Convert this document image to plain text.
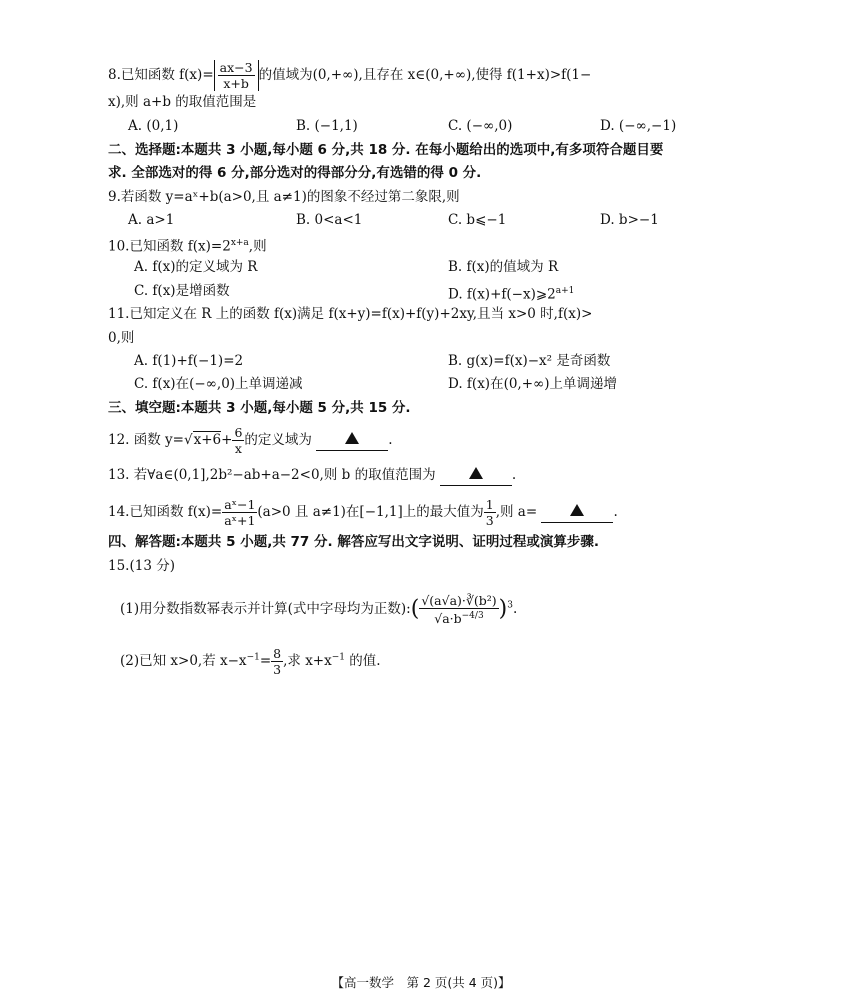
8.已知函数 $f(x)= \frac{ax-3}{x+b}$ 的值域为(0,+∞),且存在 x∈(0,+∞),使得 f(1+x)>f(1−
x),则 a+b 的取值范围是
A. (0,1)	B. (−1,1)	C. (−∞,0)	D. (−∞,−1)
二、选择题:本题共 3 小题,每小题 6 分,共 18 分. 在每小题给出的选项中,有多项符合题目要
求. 全部选对的得 6 分,部分选对的得部分分,有选错的得 0 分.
9.若函数 y=aˣ+b(a>0,且 a≠1)的图象不经过第二象限,则
A. a>1	B. 0<a<1	C. b⩽−1	D. b>−1
10.已知函数 $f(x)=2^{x+a}$,则
A. f(x)的定义域为 R	B. f(x)的值域为 R
C. f(x)是增函数	D. $f(x)+f(-x)⩾2^{a+1}$
11.已知定义在 R 上的函数 f(x)满足 f(x+y)=f(x)+f(y)+2xy,且当 x>0 时,f(x)>
0,则
A. f(1)+f(−1)=2	B. g(x)=f(x)−x² 是奇函数
C. f(x)在(−∞,0)上单调递减	D. f(x)在(0,+∞)上单调递增
三、填空题:本题共 3 小题,每小题 5 分,共 15 分.
12. 函数 $y=√x+6+ \frac{6}{x}$ 的定义域为	.
13. 若∀a∈(0,1],2b²−ab+a−2<0,则 b 的取值范围为	.
14.已知函数 $f(x)= \frac{\text{aˣ−1}}{\text{aˣ+1}} (a>0$ 且 a≠1)在[−1,1]上的最大值为 $\frac{1}{3}$ ,则 a=	.
四、解答题:本题共 5 小题,共 77 分. 解答应写出文字说明、证明过程或演算步骤.
15.(13 分)
(1)用分数指数幂表示并计算(式中字母均为正数):( $\frac{\text{√(a√a)·∛(b²)}}{√a\cdot b^{-4/3}} )^3$.
(2)已知 x>0,若 $x-x^{-1}= \frac{8}{3}$ ,求 $x+x^{-1}$ 的值.
【高一数学　第 2 页(共 4 页)】
